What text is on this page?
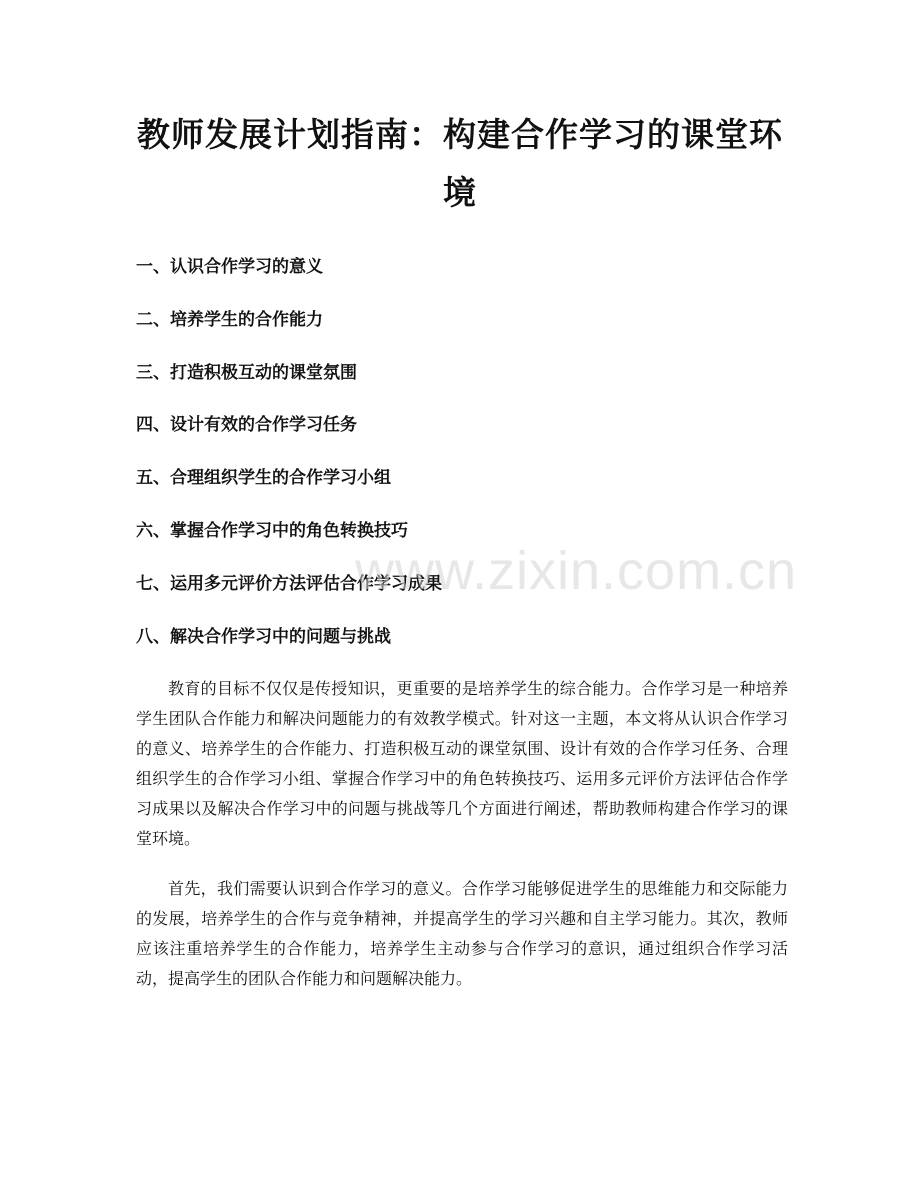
教师发展计划指南：构建合作学习的课堂环境
一、认识合作学习的意义
二、培养学生的合作能力
三、打造积极互动的课堂氛围
四、设计有效的合作学习任务
五、合理组织学生的合作学习小组
六、掌握合作学习中的角色转换技巧
七、运用多元评价方法评估合作学习成果
八、解决合作学习中的问题与挑战

教育的目标不仅仅是传授知识，更重要的是培养学生的综合能力。合作学习是一种培养学生团队合作能力和解决问题能力的有效教学模式。针对这一主题，本文将从认识合作学习的意义、培养学生的合作能力、打造积极互动的课堂氛围、设计有效的合作学习任务、合理组织学生的合作学习小组、掌握合作学习中的角色转换技巧、运用多元评价方法评估合作学习成果以及解决合作学习中的问题与挑战等几个方面进行阐述，帮助教师构建合作学习的课堂环境。

首先，我们需要认识到合作学习的意义。合作学习能够促进学生的思维能力和交际能力的发展，培养学生的合作与竞争精神，并提高学生的学习兴趣和自主学习能力。其次，教师应该注重培养学生的合作能力，培养学生主动参与合作学习的意识，通过组织合作学习活动，提高学生的团队合作能力和问题解决能力。

www.zixin.com.cn
